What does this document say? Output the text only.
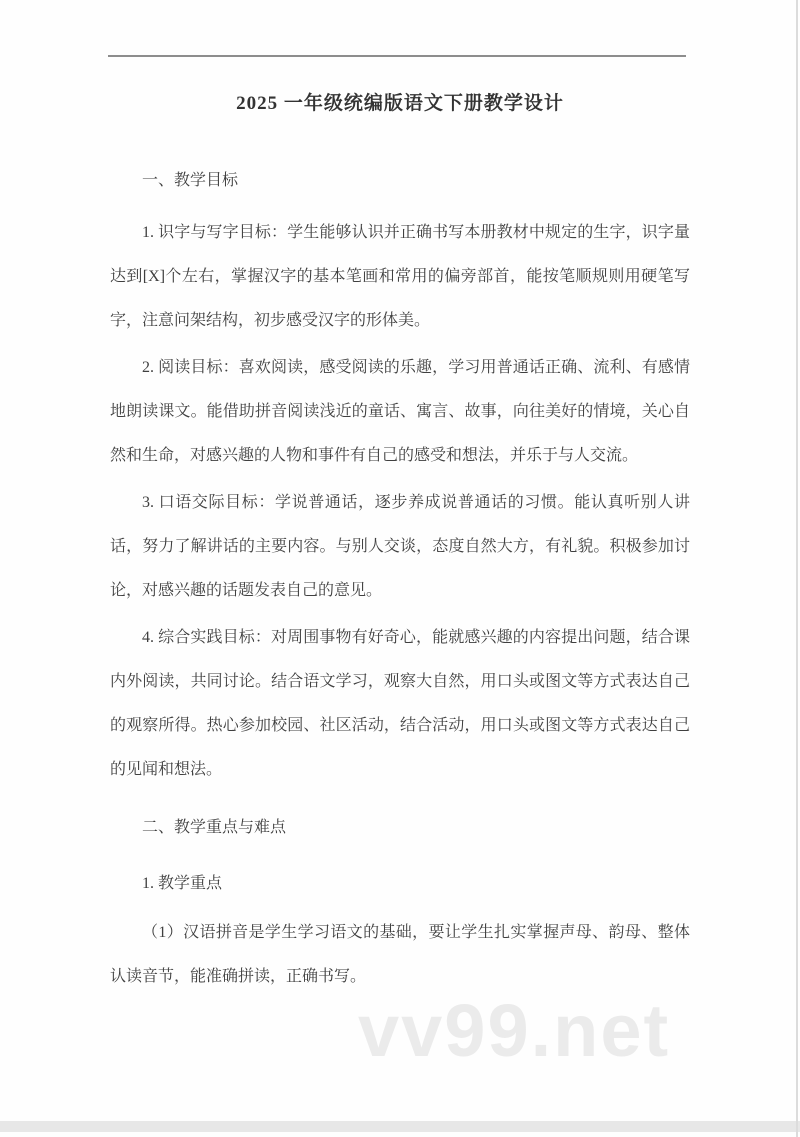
2025 一年级统编版语文下册教学设计
一、教学目标

1. 识字与写字目标：学生能够认识并正确书写本册教材中规定的生字，识字量达到[X]个左右，掌握汉字的基本笔画和常用的偏旁部首，能按笔顺规则用硬笔写字，注意问架结构，初步感受汉字的形体美。

2. 阅读目标：喜欢阅读，感受阅读的乐趣，学习用普通话正确、流利、有感情地朗读课文。能借助拼音阅读浅近的童话、寓言、故事，向往美好的情境，关心自然和生命，对感兴趣的人物和事件有自己的感受和想法，并乐于与人交流。

3. 口语交际目标：学说普通话，逐步养成说普通话的习惯。能认真听别人讲话，努力了解讲话的主要内容。与别人交谈，态度自然大方，有礼貌。积极参加讨论，对感兴趣的话题发表自己的意见。

4. 综合实践目标：对周围事物有好奇心，能就感兴趣的内容提出问题，结合课内外阅读，共同讨论。结合语文学习，观察大自然，用口头或图文等方式表达自己的观察所得。热心参加校园、社区活动，结合活动，用口头或图文等方式表达自己的见闻和想法。

二、教学重点与难点
1. 教学重点

（1）汉语拼音是学生学习语文的基础，要让学生扎实掌握声母、韵母、整体认读音节，能准确拼读，正确书写。

vv99.net
